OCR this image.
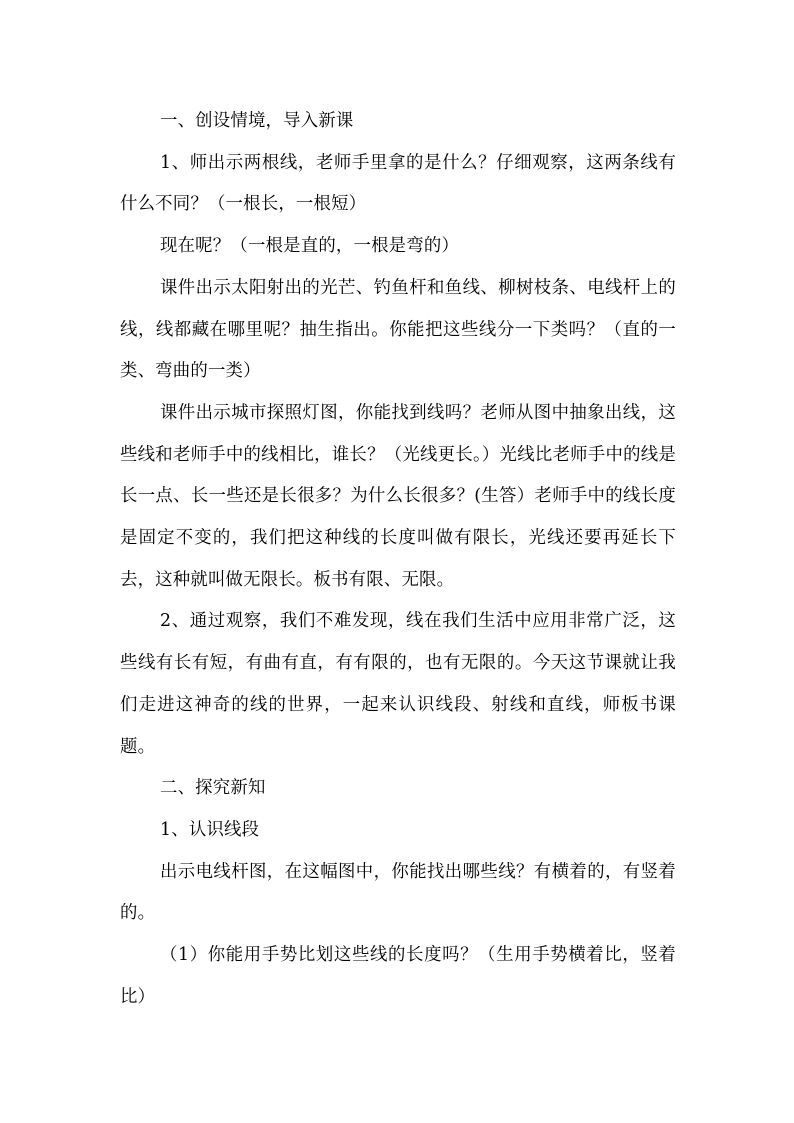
一、创设情境，导入新课

1、师出示两根线，老师手里拿的是什么？仔细观察，这两条线有什么不同？（一根长，一根短）

现在呢？（一根是直的，一根是弯的）

课件出示太阳射出的光芒、钓鱼杆和鱼线、柳树枝条、电线杆上的线，线都藏在哪里呢？抽生指出。你能把这些线分一下类吗？（直的一类、弯曲的一类）

课件出示城市探照灯图，你能找到线吗？老师从图中抽象出线，这些线和老师手中的线相比，谁长？（光线更长。）光线比老师手中的线是长一点、长一些还是长很多？为什么长很多？(生答）老师手中的线长度是固定不变的，我们把这种线的长度叫做有限长，光线还要再延长下去，这种就叫做无限长。板书有限、无限。

2、通过观察，我们不难发现，线在我们生活中应用非常广泛，这些线有长有短，有曲有直，有有限的，也有无限的。今天这节课就让我们走进这神奇的线的世界，一起来认识线段、射线和直线，师板书课题。

二、探究新知

1、认识线段

出示电线杆图，在这幅图中，你能找出哪些线？有横着的，有竖着的。

（1）你能用手势比划这些线的长度吗？（生用手势横着比，竖着比）
